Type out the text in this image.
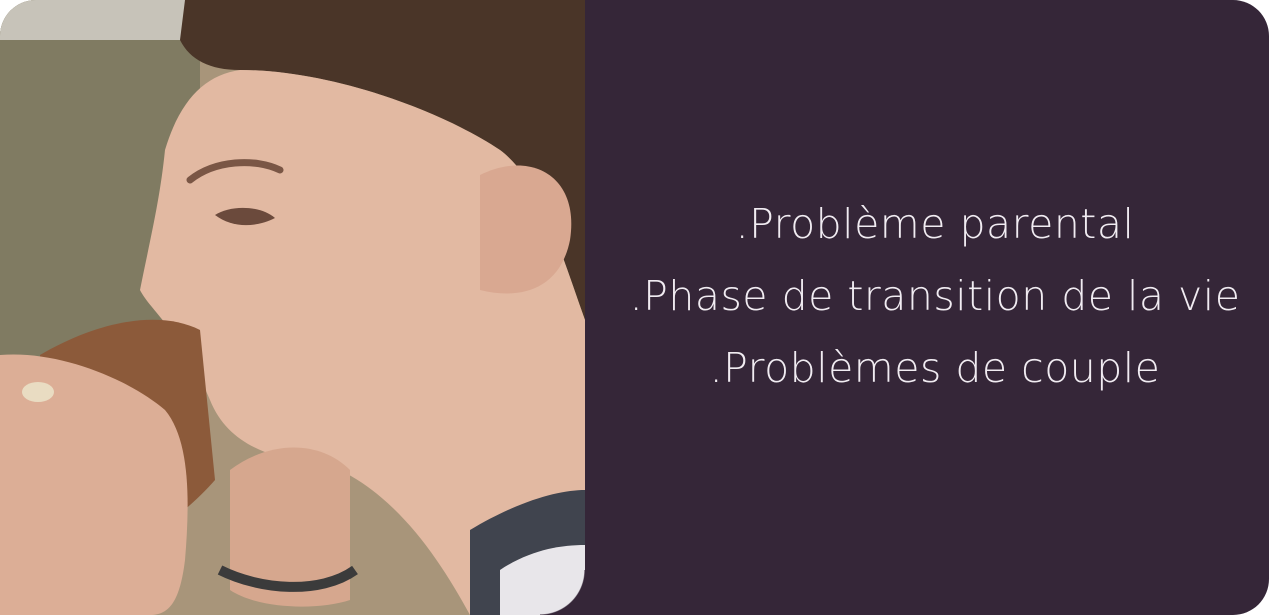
.Problème parental
.Phase de transition de la vie
.Problèmes de couple
